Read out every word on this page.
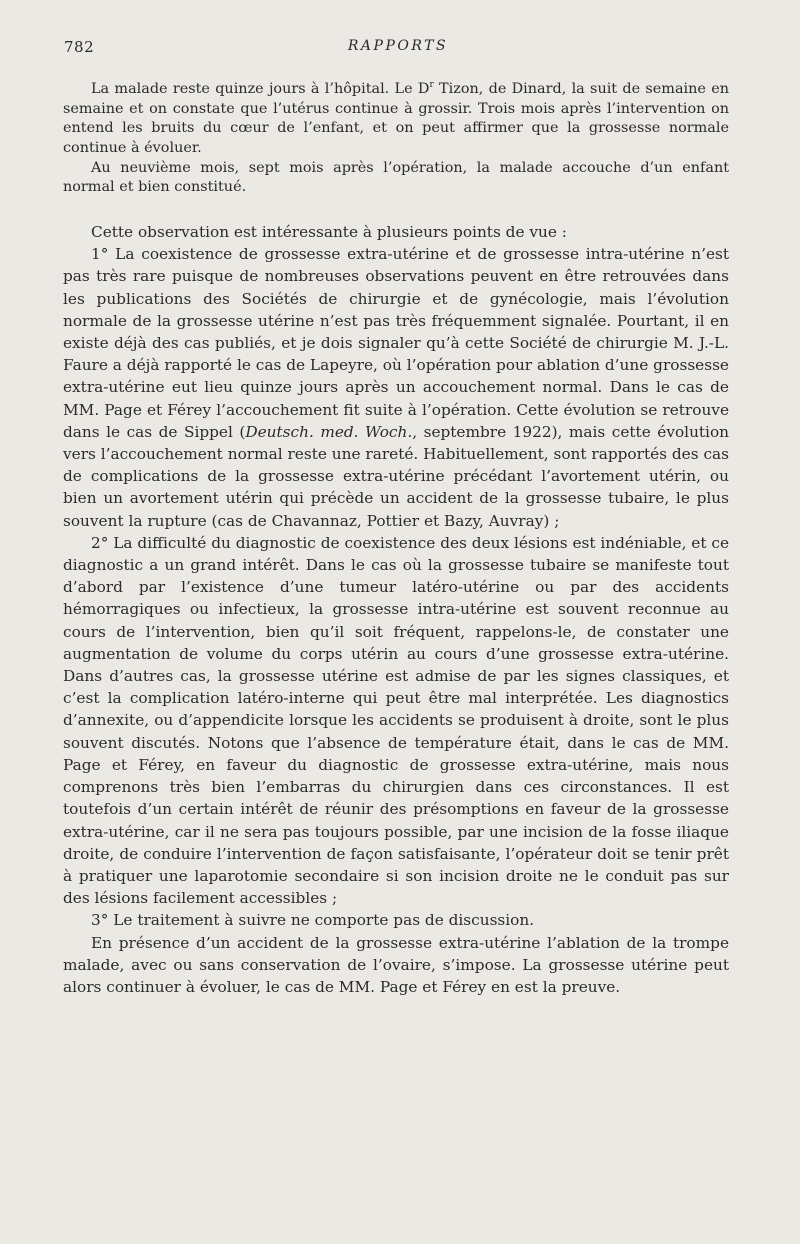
782	RAPPORTS

La malade reste quinze jours à l’hôpital. Le $D^r$ Tizon, de Dinard, la suit de semaine en semaine et on constate que l’utérus continue à grossir. Trois mois après l’intervention on entend les bruits du cœur de l’enfant, et on peut affirmer que la grossesse normale continue à évoluer.

Au neuvième mois, sept mois après l’opération, la malade accouche d’un enfant normal et bien constitué.

Cette observation est intéressante à plusieurs points de vue :

1° La coexistence de grossesse extra-utérine et de grossesse intra-utérine n’est pas très rare puisque de nombreuses observations peuvent en être retrouvées dans les publications des Sociétés de chirurgie et de gynécologie, mais l’évolution normale de la grossesse utérine n’est pas très fréquemment signalée. Pourtant, il en existe déjà des cas publiés, et je dois signaler qu’à cette Société de chirurgie M. J.-L. Faure a déjà rapporté le cas de Lapeyre, où l’opération pour ablation d’une grossesse extra-utérine eut lieu quinze jours après un accouchement normal. Dans le cas de MM. Page et Férey l’accouchement fit suite à l’opération. Cette évolution se retrouve dans le cas de Sippel (Deutsch. med. Woch., septembre 1922), mais cette évolution vers l’accouchement normal reste une rareté. Habituellement, sont rapportés des cas de complications de la grossesse extra-utérine précédant l’avortement utérin, ou bien un avortement utérin qui précède un accident de la grossesse tubaire, le plus souvent la rupture (cas de Chavannaz, Pottier et Bazy, Auvray) ;

2° La difficulté du diagnostic de coexistence des deux lésions est indéniable, et ce diagnostic a un grand intérêt. Dans le cas où la grossesse tubaire se manifeste tout d’abord par l’existence d’une tumeur latéro-utérine ou par des accidents hémorragiques ou infectieux, la grossesse intra-utérine est souvent reconnue au cours de l’intervention, bien qu’il soit fréquent, rappelons-le, de constater une augmentation de volume du corps utérin au cours d’une grossesse extra-utérine. Dans d’autres cas, la grossesse utérine est admise de par les signes classiques, et c’est la complication latéro-interne qui peut être mal interprétée. Les diagnostics d’annexite, ou d’appendicite lorsque les accidents se produisent à droite, sont le plus souvent discutés. Notons que l’absence de température était, dans le cas de MM. Page et Férey, en faveur du diagnostic de grossesse extra-utérine, mais nous comprenons très bien l’embarras du chirurgien dans ces circonstances. Il est toutefois d’un certain intérêt de réunir des présomptions en faveur de la grossesse extra-utérine, car il ne sera pas toujours possible, par une incision de la fosse iliaque droite, de conduire l’intervention de façon satisfaisante, l’opérateur doit se tenir prêt à pratiquer une laparotomie secondaire si son incision droite ne le conduit pas sur des lésions facilement accessibles ;

3° Le traitement à suivre ne comporte pas de discussion.

En présence d’un accident de la grossesse extra-utérine l’ablation de la trompe malade, avec ou sans conservation de l’ovaire, s’impose. La grossesse utérine peut alors continuer à évoluer, le cas de MM. Page et Férey en est la preuve.
